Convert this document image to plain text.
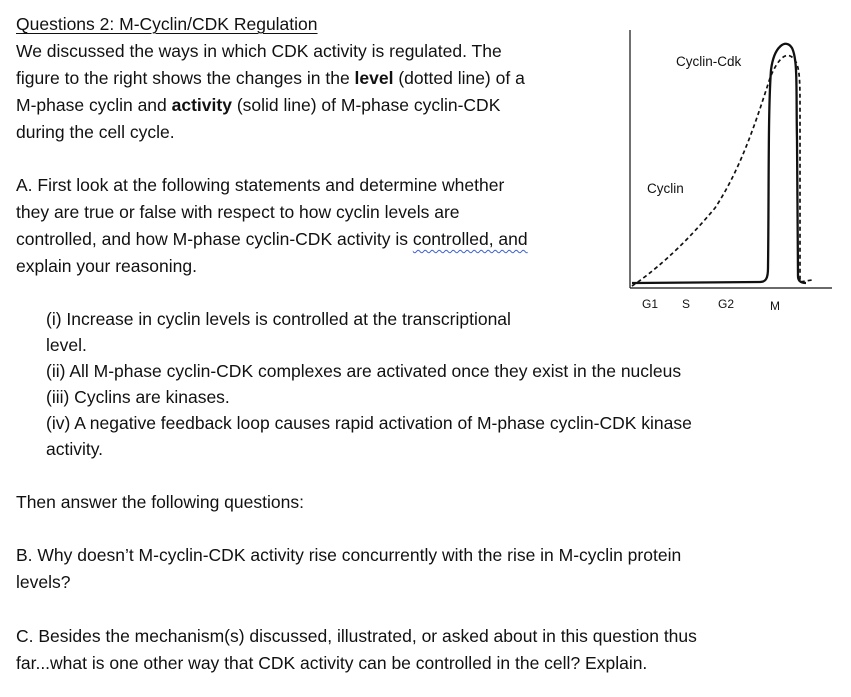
Questions 2: M-Cyclin/CDK Regulation
We discussed the ways in which CDK activity is regulated. The
figure to the right shows the changes in the level (dotted line) of a
M-phase cyclin and activity (solid line) of M-phase cyclin-CDK
during the cell cycle.
A. First look at the following statements and determine whether
they are true or false with respect to how cyclin levels are
controlled, and how M-phase cyclin-CDK activity is controlled, and
explain your reasoning.
(i) Increase in cyclin levels is controlled at the transcriptional
level.
(ii) All M-phase cyclin-CDK complexes are activated once they exist in the nucleus
(iii) Cyclins are kinases.
(iv) A negative feedback loop causes rapid activation of M-phase cyclin-CDK kinase
activity.
Then answer the following questions:
B. Why doesn’t M-cyclin-CDK activity rise concurrently with the rise in M-cyclin protein
levels?
C. Besides the mechanism(s) discussed, illustrated, or asked about in this question thus
far...what is one other way that CDK activity can be controlled in the cell? Explain.
Cyclin-Cdk
Cyclin
G1 S G2	M
